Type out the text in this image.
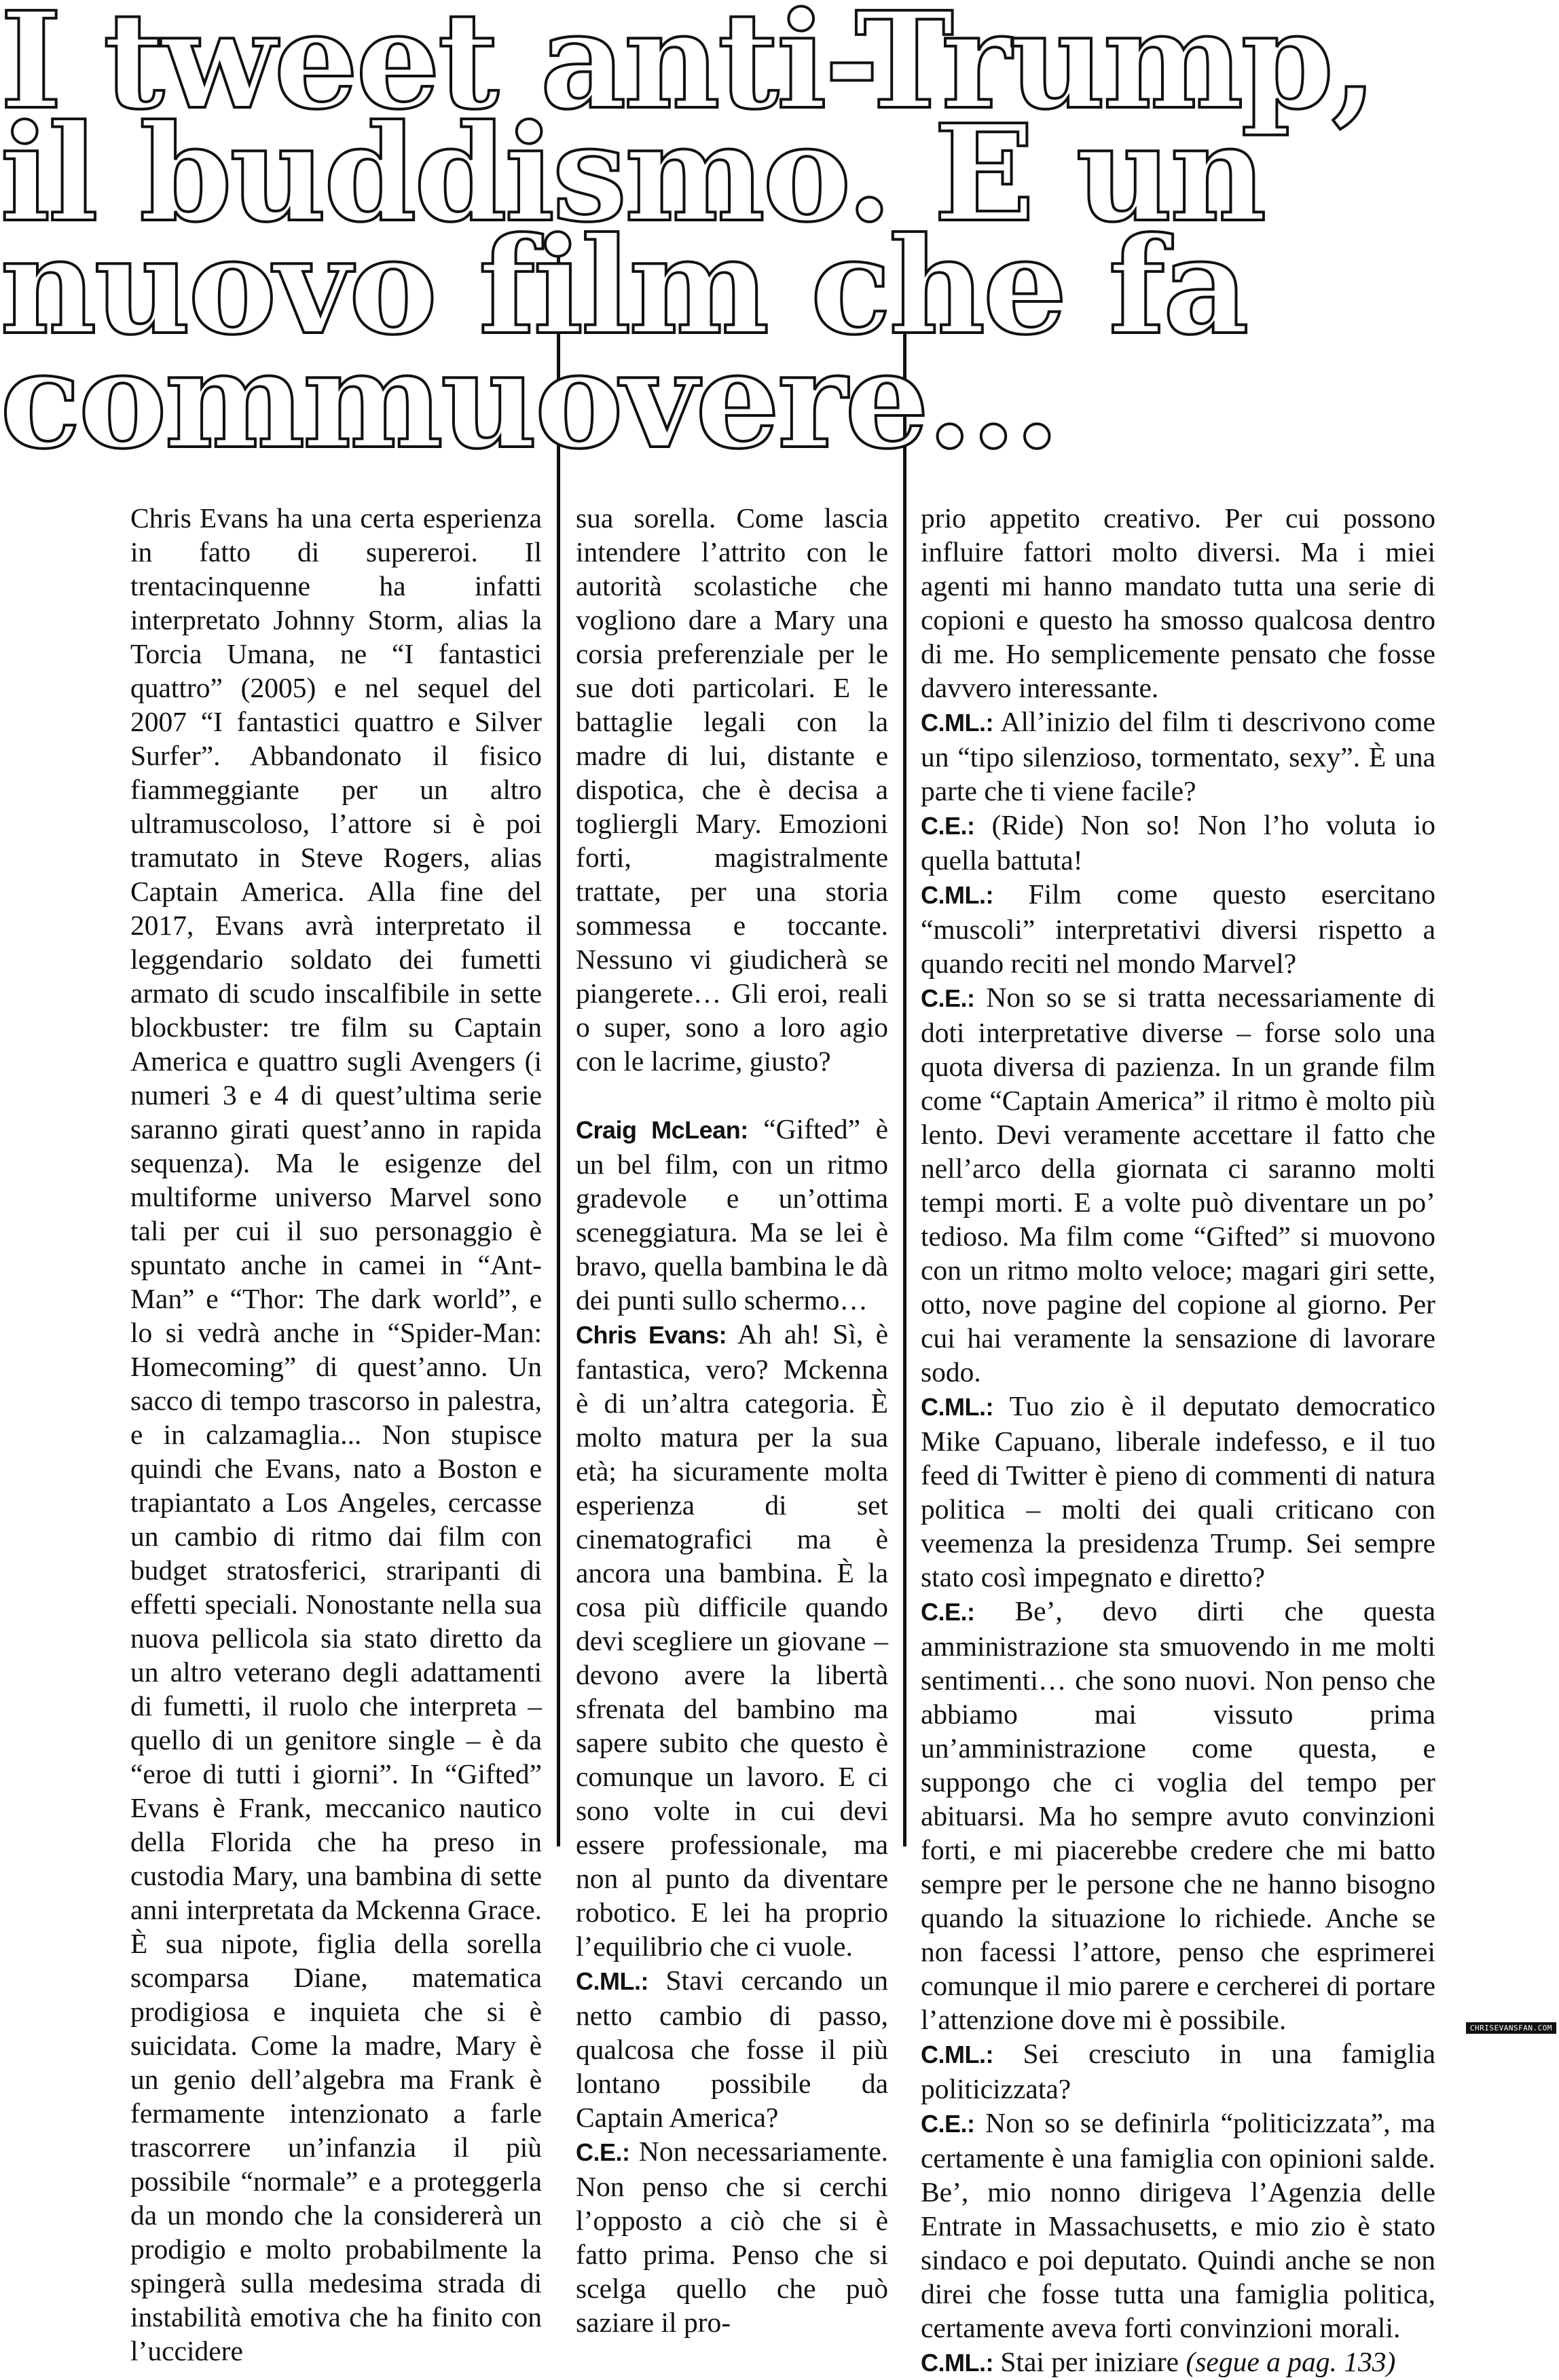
I tweet anti-Trump,

il buddismo. E un

nuovo film che fa

commuovere...

Chris Evans ha una certa esperienza in fatto di supereroi. Il trentacinquenne ha infatti interpretato Johnny Storm, alias la Torcia Umana, ne “I fantastici quattro” (2005) e nel sequel del 2007 “I fantastici quattro e Silver Surfer”. Abbandonato il fisico fiammeggiante per un altro ultramuscoloso, l’attore si è poi tramutato in Steve Rogers, alias Captain America. Alla fine del 2017, Evans avrà interpretato il leggendario soldato dei fumetti armato di scudo inscalfibile in sette blockbuster: tre film su Captain America e quattro sugli Avengers (i numeri 3 e 4 di quest’ultima serie saranno girati quest’anno in rapida sequenza). Ma le esigenze del multiforme universo Marvel sono tali per cui il suo personaggio è spuntato anche in camei in “Ant-Man” e “Thor: The dark world”, e lo si vedrà anche in “Spider-Man: Homecoming” di quest’anno. Un sacco di tempo trascorso in palestra, e in calzamaglia... Non stupisce quindi che Evans, nato a Boston e trapiantato a Los Angeles, cercasse un cambio di ritmo dai film con budget stratosferici, straripanti di effetti speciali. Nonostante nella sua nuova pellicola sia stato diretto da un altro veterano degli adattamenti di fumetti, il ruolo che interpreta – quello di un genitore single – è da “eroe di tutti i giorni”. In “Gifted” Evans è Frank, meccanico nautico della Florida che ha preso in custodia Mary, una bambina di sette anni interpretata da Mckenna Grace. È sua nipote, figlia della sorella scomparsa Diane, matematica prodigiosa e inquieta che si è suicidata. Come la madre, Mary è un genio dell’algebra ma Frank è fermamente intenzionato a farle trascorrere un’infanzia il più possibile “normale” e a proteggerla da un mondo che la considererà un prodigio e molto probabilmente la spingerà sulla medesima strada di instabilità emotiva che ha finito con l’uccidere

sua sorella. Come lascia intendere l’attrito con le autorità scolastiche che vogliono dare a Mary una corsia preferenziale per le sue doti particolari. E le battaglie legali con la madre di lui, distante e dispotica, che è decisa a togliergli Mary. Emozioni forti, magistralmente trattate, per una storia sommessa e toccante. Nessuno vi giudicherà se piangerete… Gli eroi, reali o super, sono a loro agio con le lacrime, giusto?

Craig McLean: “Gifted” è un bel film, con un ritmo gradevole e un’ottima sceneggiatura. Ma se lei è bravo, quella bambina le dà dei punti sullo schermo…

Chris Evans: Ah ah! Sì, è fantastica, vero? Mckenna è di un’altra categoria. È molto matura per la sua età; ha sicuramente molta esperienza di set cinematografici ma è ancora una bambina. È la cosa più difficile quando devi scegliere un giovane – devono avere la libertà sfrenata del bambino ma sapere subito che questo è comunque un lavoro. E ci sono volte in cui devi essere professionale, ma non al punto da diventare robotico. E lei ha proprio l’equilibrio che ci vuole.

C.ML.: Stavi cercando un netto cambio di passo, qualcosa che fosse il più lontano possibile da Captain America?

C.E.: Non necessariamente. Non penso che si cerchi l’opposto a ciò che si è fatto prima. Penso che si scelga quello che può saziare il pro-

prio appetito creativo. Per cui possono influire fattori molto diversi. Ma i miei agenti mi hanno mandato tutta una serie di copioni e questo ha smosso qualcosa dentro di me. Ho semplicemente pensato che fosse davvero interessante.

C.ML.: All’inizio del film ti descrivono come un “tipo silenzioso, tormentato, sexy”. È una parte che ti viene facile?

C.E.: (Ride) Non so! Non l’ho voluta io quella battuta!

C.ML.: Film come questo esercitano “muscoli” interpretativi diversi rispetto a quando reciti nel mondo Marvel?

C.E.: Non so se si tratta necessariamente di doti interpretative diverse – forse solo una quota diversa di pazienza. In un grande film come “Captain America” il ritmo è molto più lento. Devi veramente accettare il fatto che nell’arco della giornata ci saranno molti tempi morti. E a volte può diventare un po’ tedioso. Ma film come “Gifted” si muovono con un ritmo molto veloce; magari giri sette, otto, nove pagine del copione al giorno. Per cui hai veramente la sensazione di lavorare sodo.

C.ML.: Tuo zio è il deputato democratico Mike Capuano, liberale indefesso, e il tuo feed di Twitter è pieno di commenti di natura politica – molti dei quali criticano con veemenza la presidenza Trump. Sei sempre stato così impegnato e diretto?

C.E.: Be’, devo dirti che questa amministrazione sta smuovendo in me molti sentimenti… che sono nuovi. Non penso che abbiamo mai vissuto prima un’amministrazione come questa, e suppongo che ci voglia del tempo per abituarsi. Ma ho sempre avuto convinzioni forti, e mi piacerebbe credere che mi batto sempre per le persone che ne hanno bisogno quando la situazione lo richiede. Anche se non facessi l’attore, penso che esprimerei comunque il mio parere e cercherei di portare l’attenzione dove mi è possibile.

C.ML.: Sei cresciuto in una famiglia politicizzata?

C.E.: Non so se definirla “politicizzata”, ma certamente è una famiglia con opinioni salde. Be’, mio nonno dirigeva l’Agenzia delle Entrate in Massachusetts, e mio zio è stato sindaco e poi deputato. Quindi anche se non direi che fosse tutta una famiglia politica, certamente aveva forti convinzioni morali.

C.ML.: Stai per iniziare (segue a pag. 133)

CHRISEVANSFAN.COM
